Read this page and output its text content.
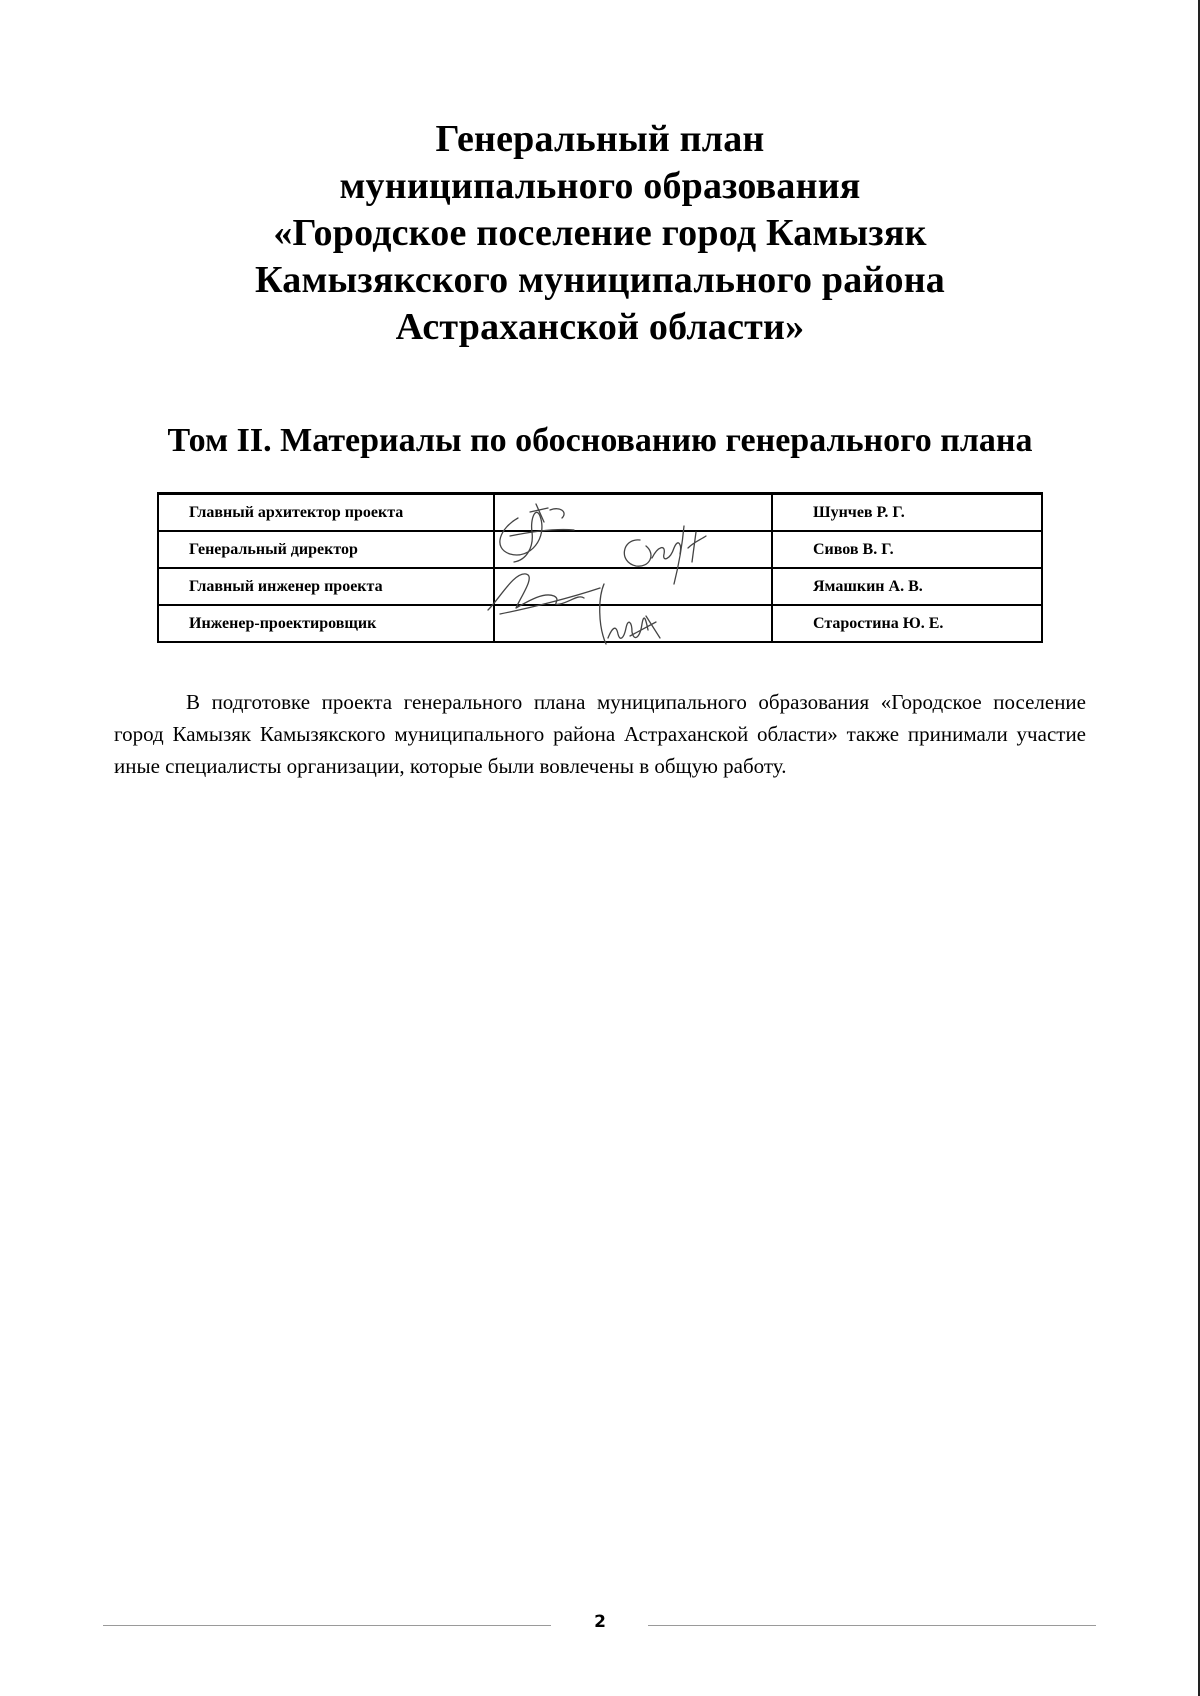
Генеральный план
муниципального образования
«Городское поселение город Камызяк
Камызякского муниципального района
Астраханской области»
Том II. Материалы по обоснованию генерального плана
Главный архитектор проекта		Шунчев Р. Г.
Генеральный директор		Сивов В. Г.
Главный инженер проекта		Ямашкин А. В.
Инженер-проектировщик		Старостина Ю. Е.
В подготовке проекта генерального плана муниципального образования «Городское поселение город Камызяк Камызякского муниципального района Астраханской области» также принимали участие иные специалисты организации, которые были вовлечены в общую работу.
2
